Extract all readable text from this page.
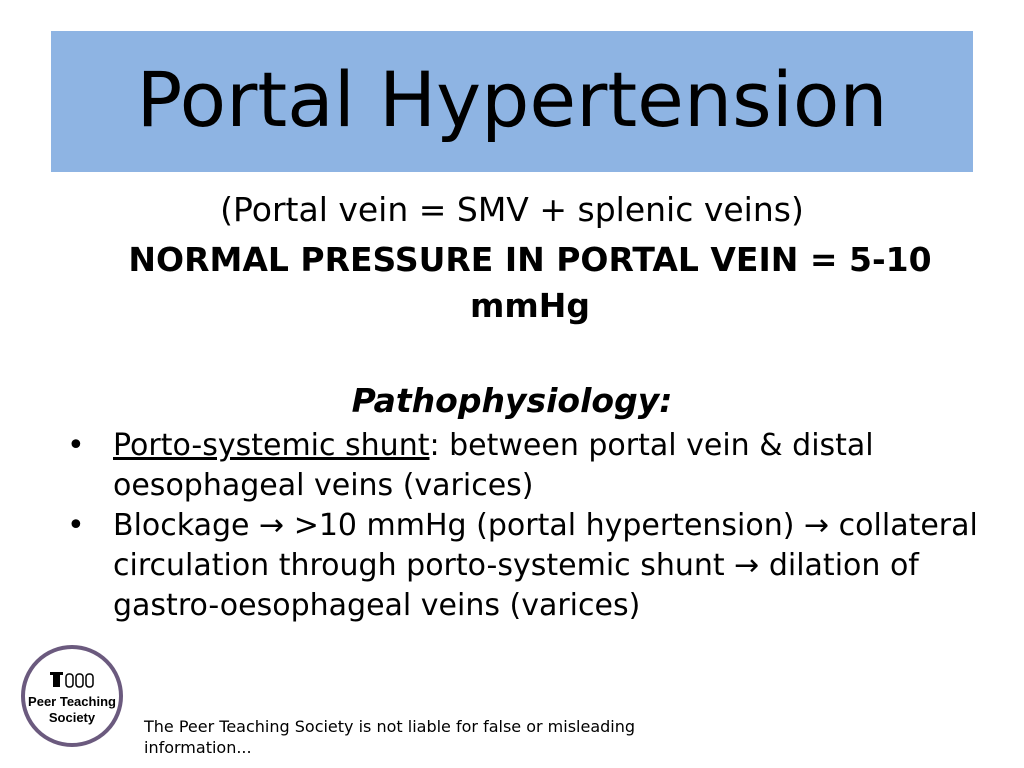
Portal Hypertension
(Portal vein = SMV + splenic veins)
NORMAL PRESSURE IN PORTAL VEIN = 5-10 mmHg
Pathophysiology:
• Porto-systemic shunt: between portal vein & distal oesophageal veins (varices)
• Blockage → >10 mmHg (portal hypertension) → collateral circulation through porto-systemic shunt → dilation of gastro-oesophageal veins (varices)
Peer Teaching
Society	The Peer Teaching Society is not liable for false or misleading information...
